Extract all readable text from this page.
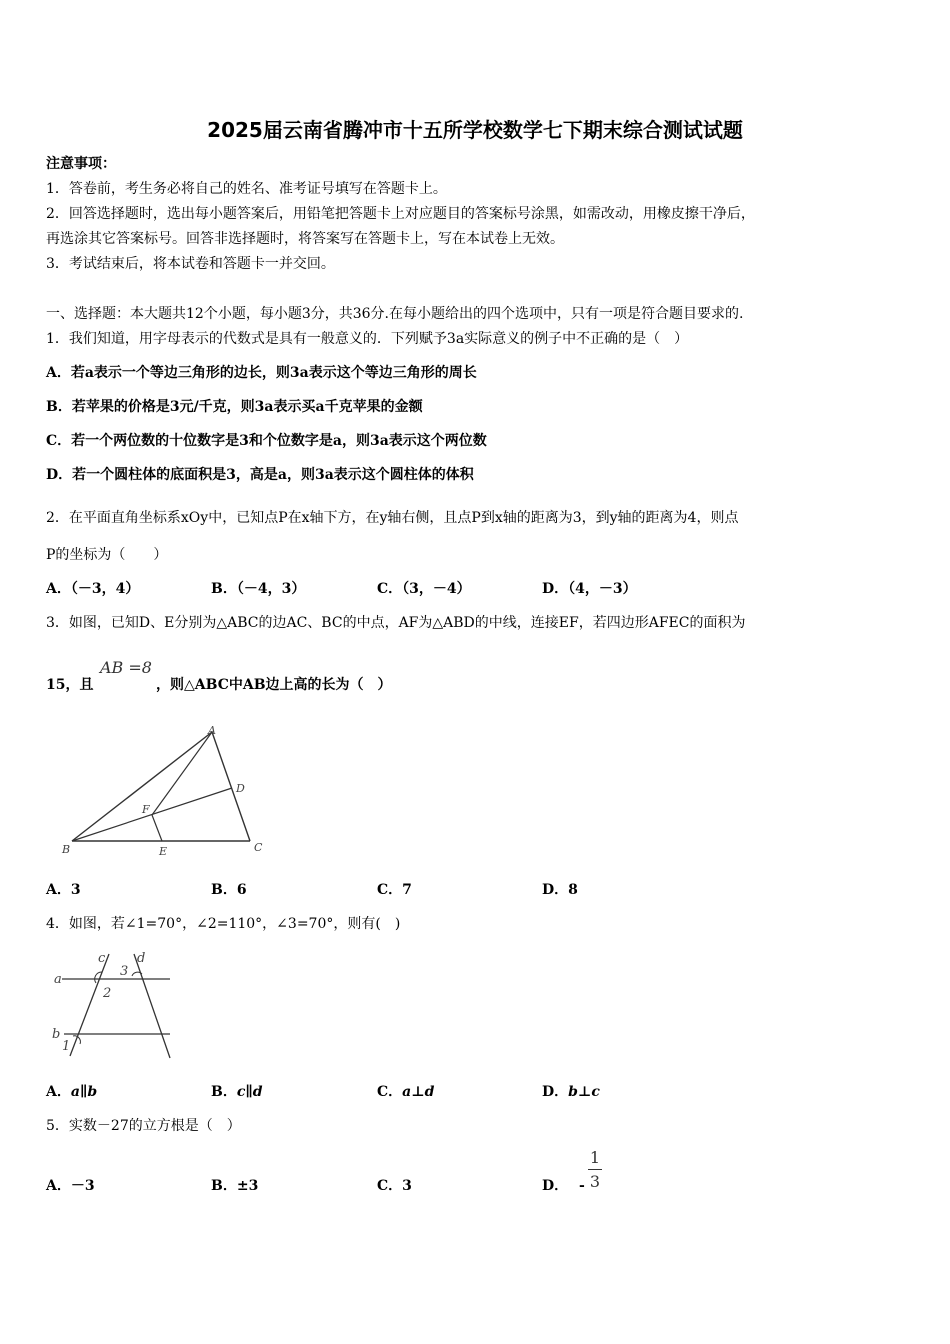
2025届云南省腾冲市十五所学校数学七下期末综合测试试题
注意事项：
1．答卷前，考生务必将自己的姓名、准考证号填写在答题卡上。
2．回答选择题时，选出每小题答案后，用铅笔把答题卡上对应题目的答案标号涂黑，如需改动，用橡皮擦干净后，
再选涂其它答案标号。回答非选择题时，将答案写在答题卡上，写在本试卷上无效。
3．考试结束后，将本试卷和答题卡一并交回。
一、选择题：本大题共12个小题，每小题3分，共36分.在每小题给出的四个选项中，只有一项是符合题目要求的.
1．我们知道，用字母表示的代数式是具有一般意义的．下列赋予3a实际意义的例子中不正确的是（　）
A．若a表示一个等边三角形的边长，则3a表示这个等边三角形的周长
B．若苹果的价格是3元/千克，则3a表示买a千克苹果的金额
C．若一个两位数的十位数字是3和个位数字是a，则3a表示这个两位数
D．若一个圆柱体的底面积是3，高是a，则3a表示这个圆柱体的体积
2．在平面直角坐标系xOy中，已知点P在x轴下方，在y轴右侧，且点P到x轴的距离为3，到y轴的距离为4，则点
P的坐标为（　　）
A．（－3，4）	B．（－4，3）	C．（3，－4）	D．（4，－3）
3．如图，已知D、E分别为△ABC的边AC、BC的中点，AF为△ABD的中线，连接EF，若四边形AFEC的面积为
15，且
AB =8
，则△ABC中AB边上高的长为（　）
A
B	C
D
E
F
A．3	B．6	C．7	D．8
4．如图，若∠1=70°，∠2=110°，∠3=70°，则有(　)
a
b
c d
1
2
3
A．a∥b	B．c∥d	C．a⊥d	D．b⊥c
5．实数－27的立方根是（　）
A．－3	B．±3	C．3	D． -
1
3
